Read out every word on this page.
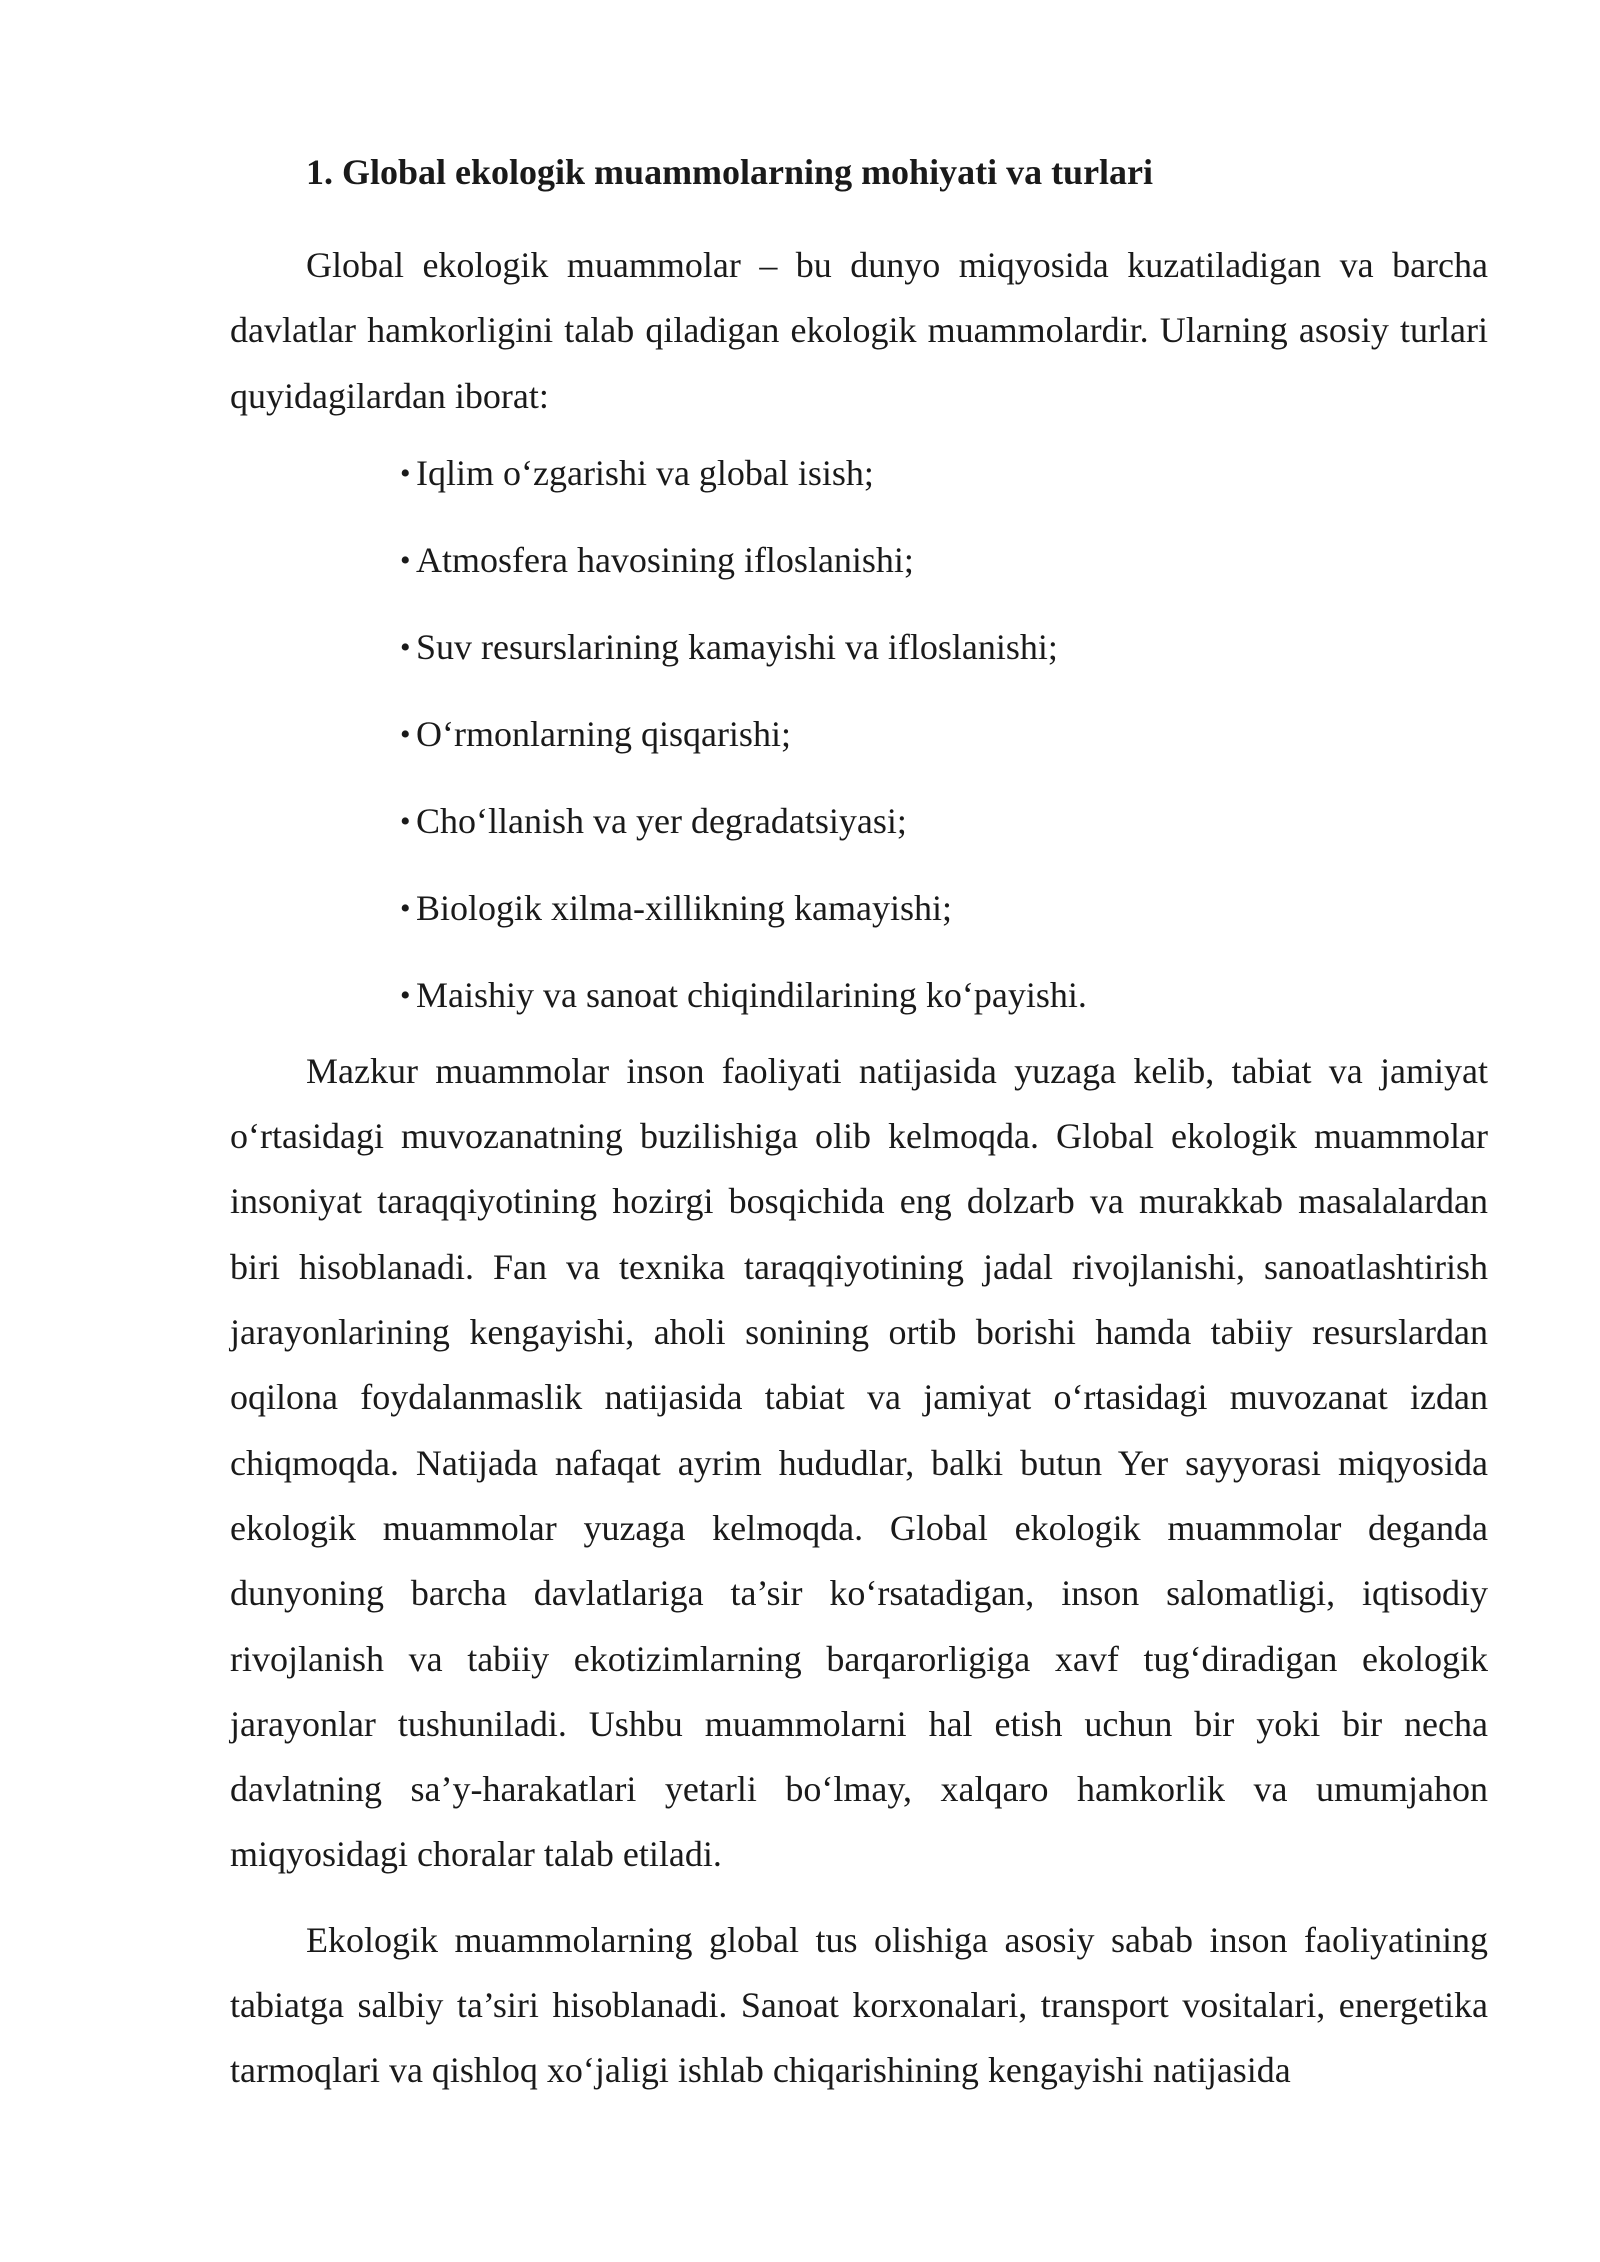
1. Global ekologik muammolarning mohiyati va turlari

Global ekologik muammolar – bu dunyo miqyosida kuzatiladigan va barcha davlatlar hamkorligini talab qiladigan ekologik muammolardir. Ularning asosiy turlari quyidagilardan iborat:

• Iqlim o‘zgarishi va global isish;
• Atmosfera havosining ifloslanishi;
• Suv resurslarining kamayishi va ifloslanishi;
• O‘rmonlarning qisqarishi;
• Cho‘llanish va yer degradatsiyasi;
• Biologik xilma-xillikning kamayishi;
• Maishiy va sanoat chiqindilarining ko‘payishi.

Mazkur muammolar inson faoliyati natijasida yuzaga kelib, tabiat va jamiyat o‘rtasidagi muvozanatning buzilishiga olib kelmoqda. Global ekologik muammolar insoniyat taraqqiyotining hozirgi bosqichida eng dolzarb va murakkab masalalardan biri hisoblanadi. Fan va texnika taraqqiyotining jadal rivojlanishi, sanoatlashtirish jarayonlarining kengayishi, aholi sonining ortib borishi hamda tabiiy resurslardan oqilona foydalanmaslik natijasida tabiat va jamiyat o‘rtasidagi muvozanat izdan chiqmoqda. Natijada nafaqat ayrim hududlar, balki butun Yer sayyorasi miqyosida ekologik muammolar yuzaga kelmoqda. Global ekologik muammolar deganda dunyoning barcha davlatlariga ta’sir ko‘rsatadigan, inson salomatligi, iqtisodiy rivojlanish va tabiiy ekotizimlarning barqarorligiga xavf tug‘diradigan ekologik jarayonlar tushuniladi. Ushbu muammolarni hal etish uchun bir yoki bir necha davlatning sa’y-harakatlari yetarli bo‘lmay, xalqaro hamkorlik va umumjahon miqyosidagi choralar talab etiladi.

Ekologik muammolarning global tus olishiga asosiy sabab inson faoliyatining tabiatga salbiy ta’siri hisoblanadi. Sanoat korxonalari, transport vositalari, energetika tarmoqlari va qishloq xo‘jaligi ishlab chiqarishining kengayishi natijasida
